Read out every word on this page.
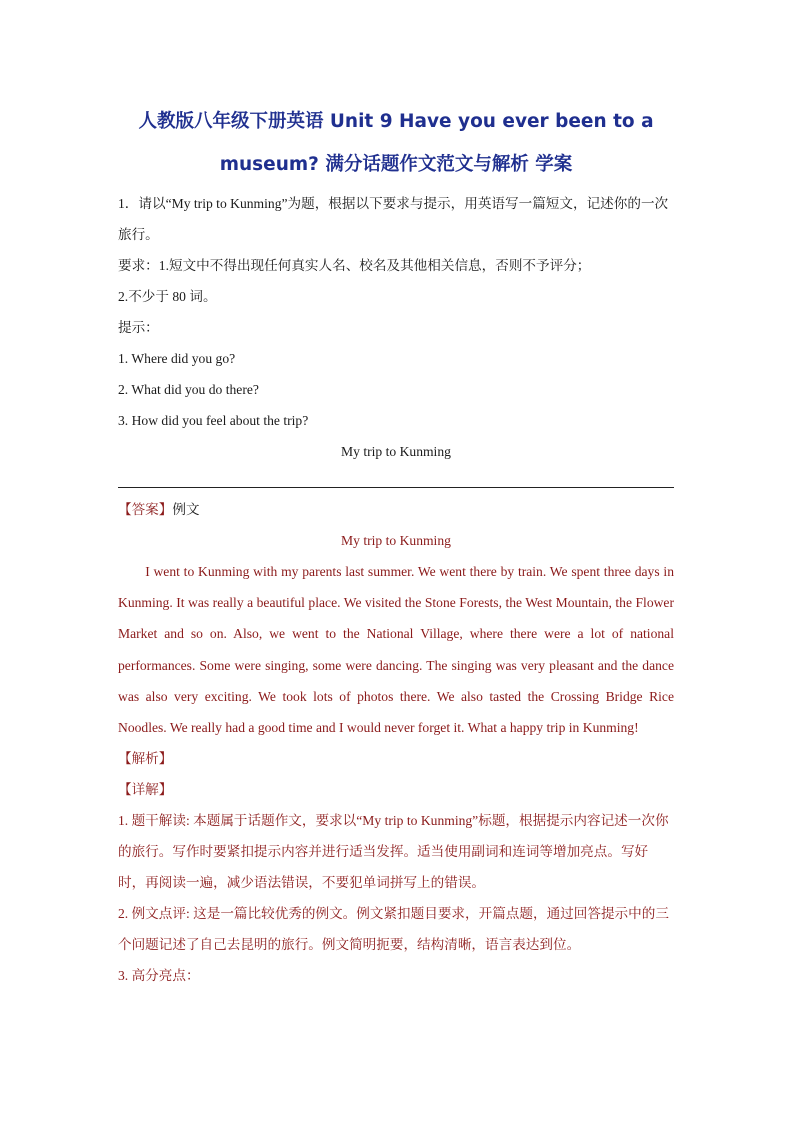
人教版八年级下册英语 Unit 9 Have you ever been to a
museum? 满分话题作文范文与解析 学案
1．请以“My trip to Kunming”为题，根据以下要求与提示，用英语写一篇短文，记述你的一次旅行。
要求：1.短文中不得出现任何真实人名、校名及其他相关信息，否则不予评分；
2.不少于 80 词。
提示：
1. Where did you go?
2. What did you do there?
3. How did you feel about the trip?
My trip to Kunming
【答案】例文
My trip to Kunming
I went to Kunming with my parents last summer. We went there by train. We spent three days in Kunming. It was really a beautiful place. We visited the Stone Forests, the West Mountain, the Flower Market and so on. Also, we went to the National Village, where there were a lot of national performances. Some were singing, some were dancing. The singing was very pleasant and the dance was also very exciting. We took lots of photos there. We also tasted the Crossing Bridge Rice Noodles. We really had a good time and I would never forget it. What a happy trip in Kunming!
【解析】
【详解】
1. 题干解读: 本题属于话题作文，要求以“My trip to Kunming”标题，根据提示内容记述一次你的旅行。写作时要紧扣提示内容并进行适当发挥。适当使用副词和连词等增加亮点。写好时，再阅读一遍，减少语法错误，不要犯单词拼写上的错误。
2. 例文点评: 这是一篇比较优秀的例文。例文紧扣题目要求，开篇点题，通过回答提示中的三个问题记述了自己去昆明的旅行。例文简明扼要，结构清晰，语言表达到位。
3. 高分亮点：
